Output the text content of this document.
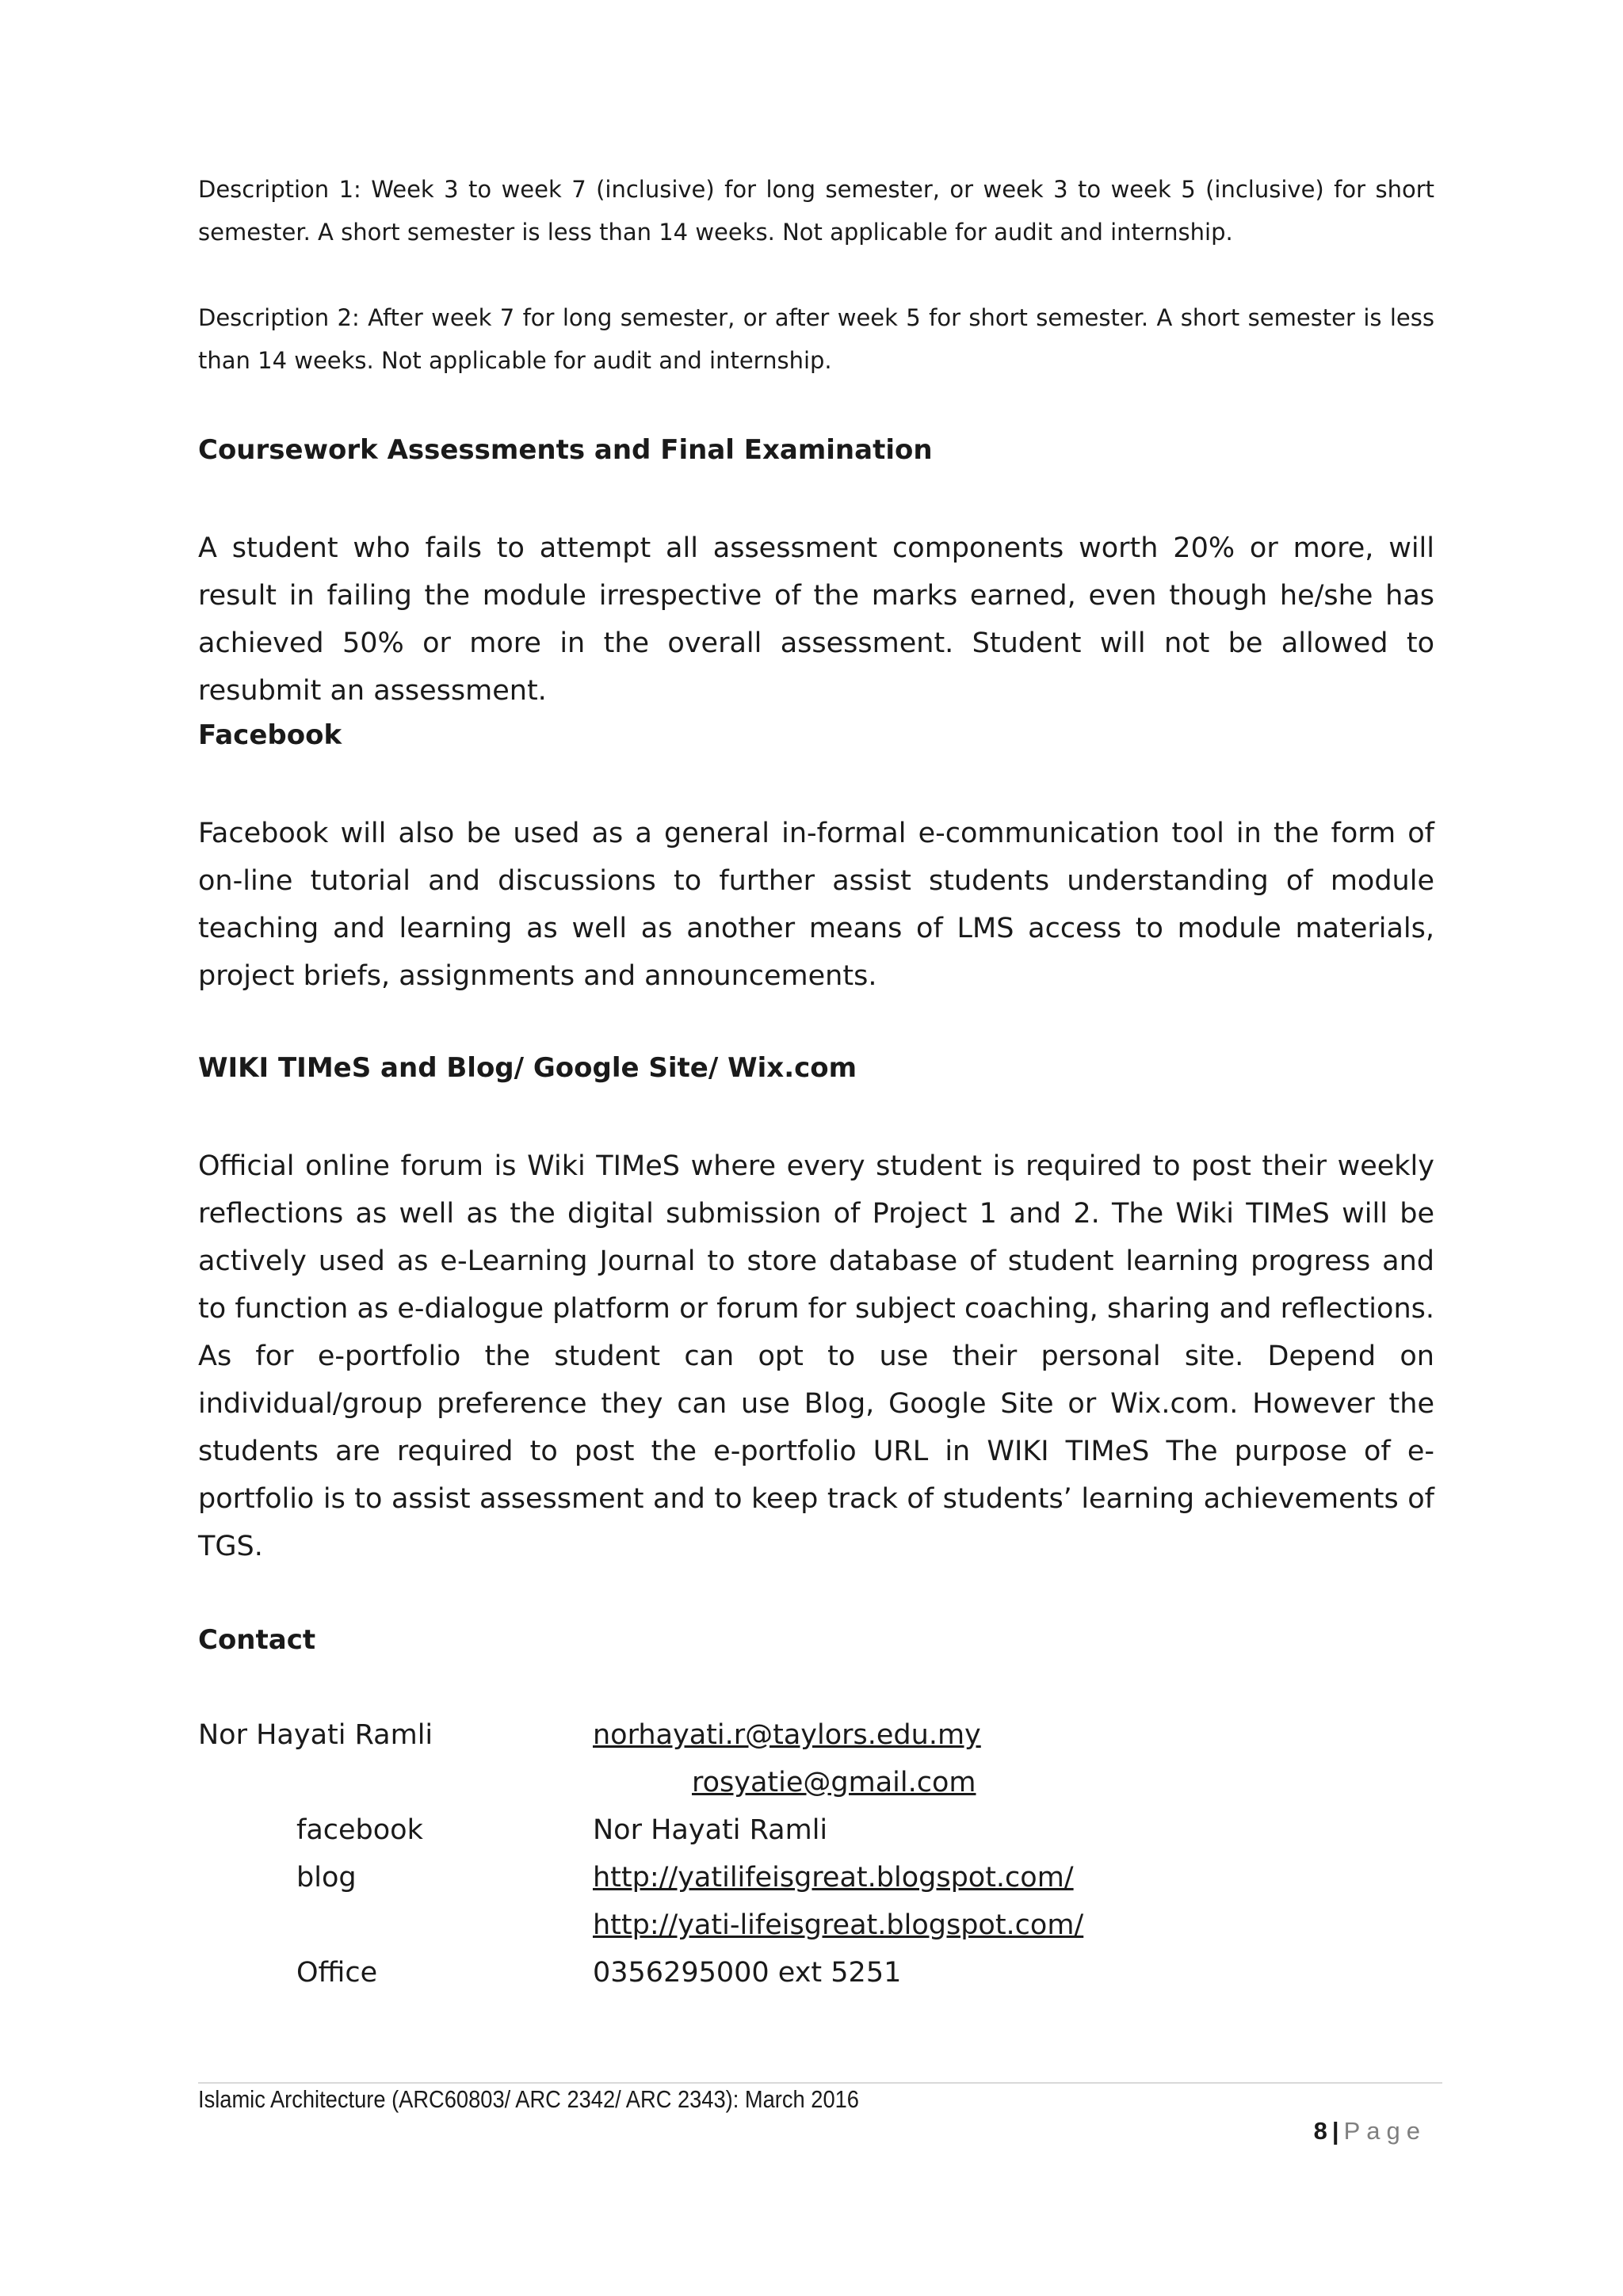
Description 1: Week 3 to week 7 (inclusive) for long semester, or week 3 to week 5 (inclusive) for short semester. A short semester is less than 14 weeks. Not applicable for audit and internship.

Description 2: After week 7 for long semester, or after week 5 for short semester. A short semester is less than 14 weeks. Not applicable for audit and internship.

Coursework Assessments and Final Examination

A student who fails to attempt all assessment components worth 20% or more, will result in failing the module irrespective of the marks earned, even though he/she has achieved 50% or more in the overall assessment. Student will not be allowed to resubmit an assessment.

Facebook

Facebook will also be used as a general in-formal e-communication tool in the form of on-line tutorial and discussions to further assist students understanding of module teaching and learning as well as another means of LMS access to module materials, project briefs, assignments and announcements.

WIKI TIMeS and Blog/ Google Site/ Wix.com

Official online forum is Wiki TIMeS where every student is required to post their weekly reflections as well as the digital submission of Project 1 and 2. The Wiki TIMeS will be actively used as e-Learning Journal to store database of student learning progress and to function as e-dialogue platform or forum for subject coaching, sharing and reflections. As for e-portfolio the student can opt to use their personal site. Depend on individual/group preference they can use Blog, Google Site or Wix.com. However the students are required to post the e-portfolio URL in WIKI TIMeS The purpose of e-portfolio is to assist assessment and to keep track of students’ learning achievements of TGS.

Contact

Nor Hayati Ramli	norhayati.r@taylors.edu.my
rosyatie@gmail.com

facebook	Nor Hayati Ramli

blog	http://yatilifeisgreat.blogspot.com/
http://yati-lifeisgreat.blogspot.com/

Office	0356295000 ext 5251

Islamic Architecture (ARC60803/ ARC 2342/ ARC 2343): March 2016
8 | Page
